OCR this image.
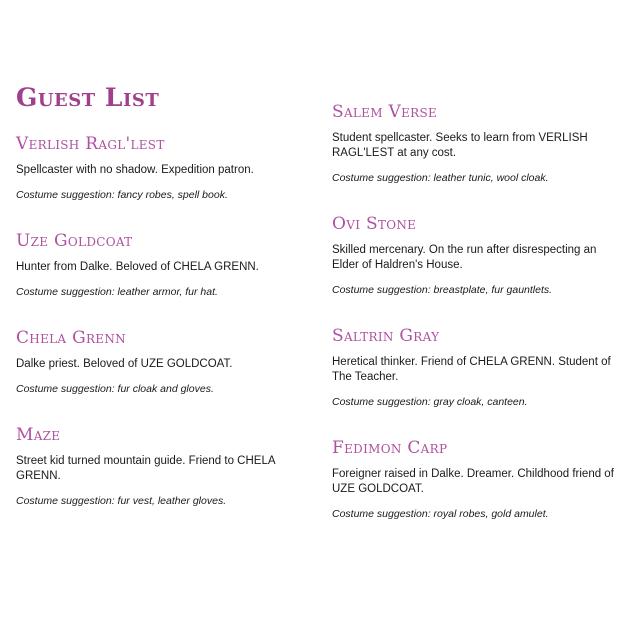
Guest List
Verlish Ragl'lest
Spellcaster with no shadow. Expedition patron.
Costume suggestion: fancy robes, spell book.
Uze Goldcoat
Hunter from Dalke. Beloved of CHELA GRENN.
Costume suggestion: leather armor, fur hat.
Chela Grenn
Dalke priest. Beloved of UZE GOLDCOAT.
Costume suggestion: fur cloak and gloves.
Maze
Street kid turned mountain guide. Friend to CHELA GRENN.
Costume suggestion: fur vest, leather gloves.
Salem Verse
Student spellcaster. Seeks to learn from VERLISH RAGL'LEST at any cost.
Costume suggestion: leather tunic, wool cloak.
Ovi Stone
Skilled mercenary. On the run after disrespecting an Elder of Haldren's House.
Costume suggestion: breastplate, fur gauntlets.
Saltrin Gray
Heretical thinker. Friend of CHELA GRENN. Student of The Teacher.
Costume suggestion: gray cloak, canteen.
Fedimon Carp
Foreigner raised in Dalke. Dreamer. Childhood friend of UZE GOLDCOAT.
Costume suggestion: royal robes, gold amulet.
